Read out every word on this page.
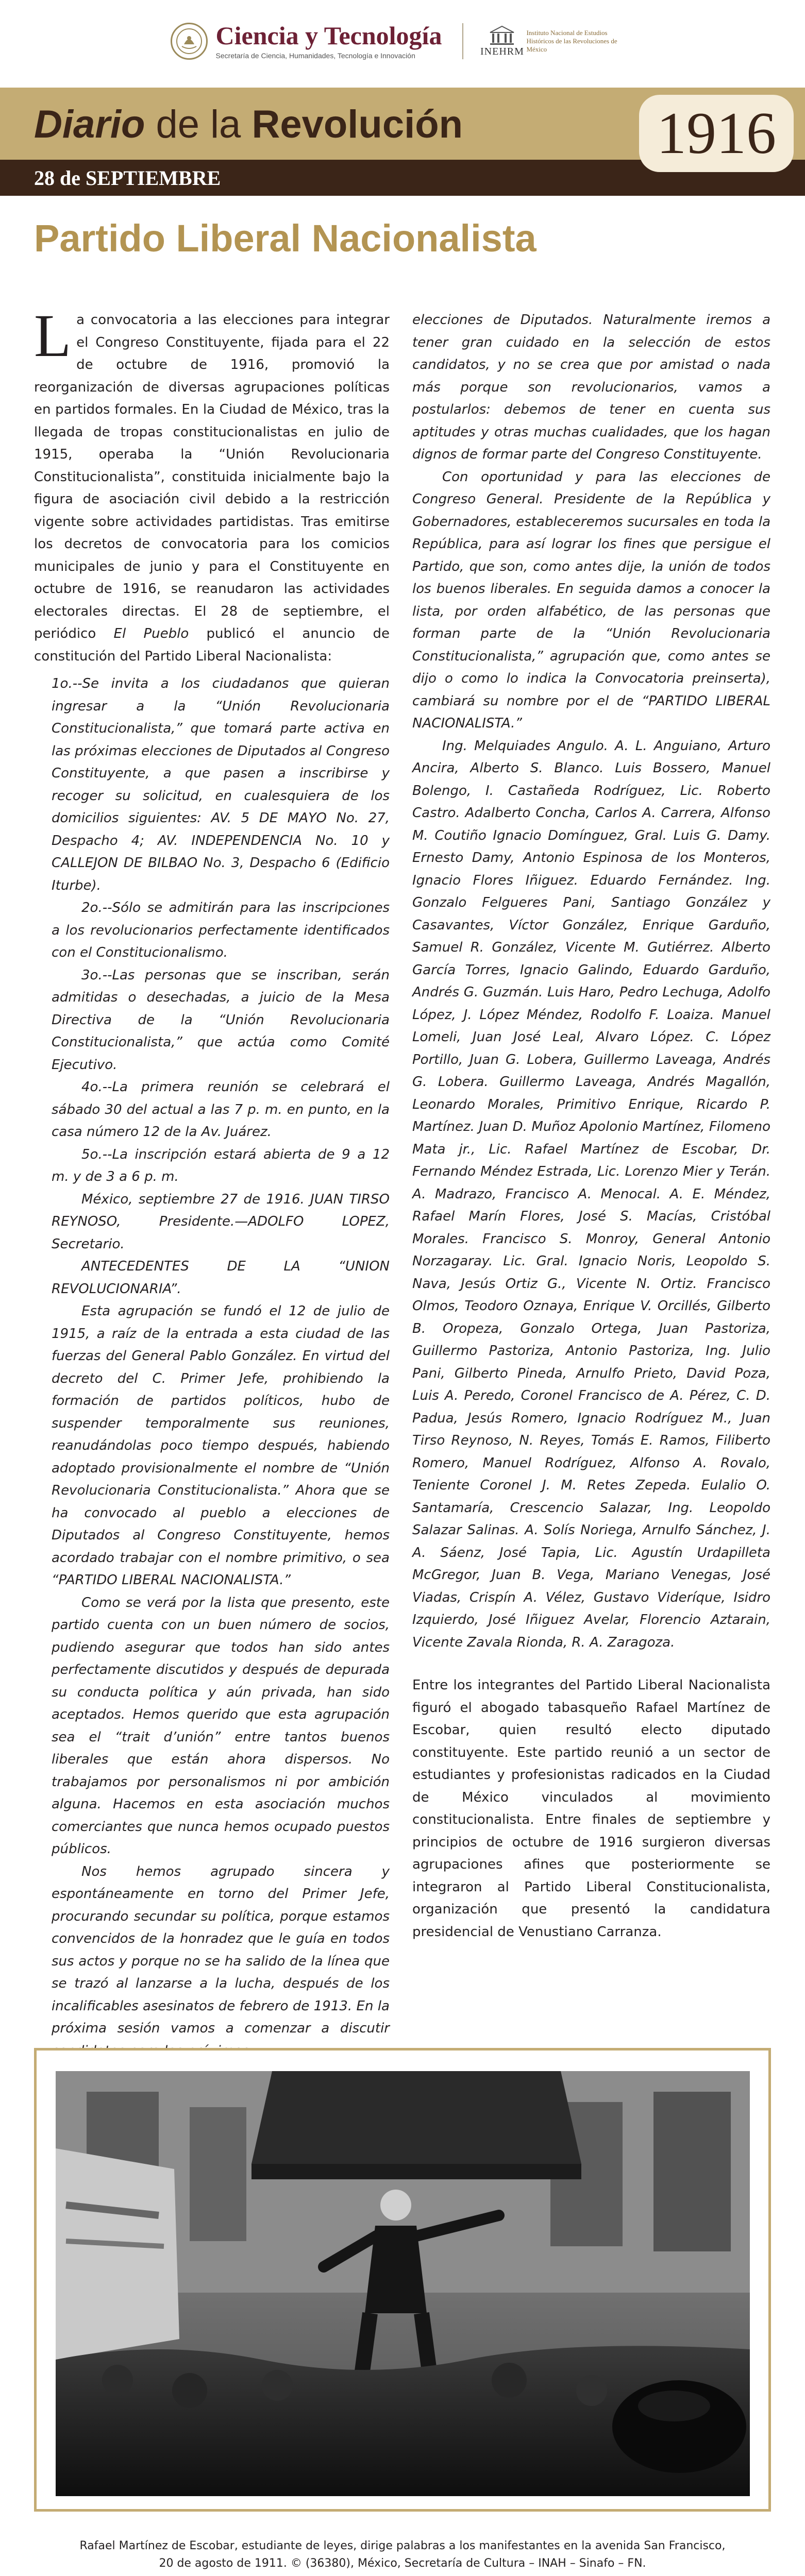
Ciencia y Tecnología
Secretaría de Ciencia, Humanidades, Tecnología e Innovación	INEHRM
Instituto Nacional de Estudios Históricos de las Revoluciones de México
Diario de la Revolución
28 de SEPTIEMBRE
1916
Partido Liberal Nacionalista

La convocatoria a las elecciones para integrar el Congreso Constituyente, fijada para el 22 de octubre de 1916, promovió la reorganización de diversas agrupaciones políticas en partidos formales. En la Ciudad de México, tras la llegada de tropas constitucionalistas en julio de 1915, operaba la “Unión Revolucionaria Constitucionalista”, constituida inicialmente bajo la figura de asociación civil debido a la restricción vigente sobre actividades partidistas. Tras emitirse los decretos de convocatoria para los comicios municipales de junio y para el Constituyente en octubre de 1916, se reanudaron las actividades electorales directas. El 28 de septiembre, el periódico El Pueblo publicó el anuncio de constitución del Partido Liberal Nacionalista:

1o.--Se invita a los ciudadanos que quieran ingresar a la “Unión Revolucionaria Constitucionalista,” que tomará parte activa en las próximas elecciones de Diputados al Congreso Constituyente, a que pasen a inscribirse y recoger su solicitud, en cualesquiera de los domicilios siguientes: AV. 5 DE MAYO No. 27, Despacho 4; AV. INDEPENDENCIA No. 10 y CALLEJON DE BILBAO No. 3, Despacho 6 (Edificio Iturbe).

2o.--Sólo se admitirán para las inscripciones a los revolucionarios perfectamente identificados con el Constitucionalismo.

3o.--Las personas que se inscriban, serán admitidas o desechadas, a juicio de la Mesa Directiva de la “Unión Revolucionaria Constitucionalista,” que actúa como Comité Ejecutivo.

4o.--La primera reunión se celebrará el sábado 30 del actual a las 7 p. m. en punto, en la casa número 12 de la Av. Juárez.

5o.--La inscripción estará abierta de 9 a 12 m. y de 3 a 6 p. m.

México, septiembre 27 de 1916. JUAN TIRSO REYNOSO, Presidente.—ADOLFO LOPEZ, Secretario.

ANTECEDENTES DE LA “UNION REVOLUCIONARIA”.

Esta agrupación se fundó el 12 de julio de 1915, a raíz de la entrada a esta ciudad de las fuerzas del General Pablo González. En virtud del decreto del C. Primer Jefe, prohibiendo la formación de partidos políticos, hubo de suspender temporalmente sus reuniones, reanudándolas poco tiempo después, habiendo adoptado provisionalmente el nombre de “Unión Revolucionaria Constitucionalista.” Ahora que se ha convocado al pueblo a elecciones de Diputados al Congreso Constituyente, hemos acordado trabajar con el nombre primitivo, o sea “PARTIDO LIBERAL NACIONALISTA.”

Como se verá por la lista que presento, este partido cuenta con un buen número de socios, pudiendo asegurar que todos han sido antes perfectamente discutidos y después de depurada su conducta política y aún privada, han sido aceptados. Hemos querido que esta agrupación sea el “trait d’unión” entre tantos buenos liberales que están ahora dispersos. No trabajamos por personalismos ni por ambición alguna. Hacemos en esta asociación muchos comerciantes que nunca hemos ocupado puestos públicos.

Nos hemos agrupado sincera y espontáneamente en torno del Primer Jefe, procurando secundar su política, porque estamos convencidos de la honradez que le guía en todos sus actos y porque no se ha salido de la línea que se trazó al lanzarse a la lucha, después de los incalificables asesinatos de febrero de 1913. En la próxima sesión vamos a comenzar a discutir

elecciones de Diputados. Naturalmente iremos a tener gran cuidado en la selección de estos candidatos, y no se crea que por amistad o nada más porque son revolucionarios, vamos a postularlos: debemos de tener en cuenta sus aptitudes y otras muchas cualidades, que los hagan dignos de formar parte del Congreso Constituyente.

Con oportunidad y para las elecciones de Congreso General. Presidente de la República y Gobernadores, estableceremos sucursales en toda la República, para así lograr los fines que persigue el Partido, que son, como antes dije, la unión de todos los buenos liberales. En seguida damos a conocer la lista, por orden alfabético, de las personas que forman parte de la “Unión Revolucionaria Constitucionalista,” agrupación que, como antes se dijo o como lo indica la Convocatoria preinserta), cambiará su nombre por el de “PARTIDO LIBERAL NACIONALISTA.”

Ing. Melquiades Angulo. A. L. Anguiano, Arturo Ancira, Alberto S. Blanco. Luis Bossero, Manuel Bolengo, I. Castañeda Rodríguez, Lic. Roberto Castro. Adalberto Concha, Carlos A. Carrera, Alfonso M. Coutiño Ignacio Domínguez, Gral. Luis G. Damy. Ernesto Damy, Antonio Espinosa de los Monteros, Ignacio Flores Iñiguez. Eduardo Fernández. Ing. Gonzalo Felgueres Pani, Santiago González y Casavantes, Víctor González, Enrique Garduño, Samuel R. González, Vicente M. Gutiérrez. Alberto García Torres, Ignacio Galindo, Eduardo Garduño, Andrés G. Guzmán. Luis Haro, Pedro Lechuga, Adolfo López, J. López Méndez, Rodolfo F. Loaiza. Manuel Lomeli, Juan José Leal, Alvaro López. C. López Portillo, Juan G. Lobera, Guillermo Laveaga, Andrés G. Lobera. Guillermo Laveaga, Andrés Magallón, Leonardo Morales, Primitivo Enrique, Ricardo P. Martínez. Juan D. Muñoz Apolonio Martínez, Filomeno Mata jr., Lic. Rafael Martínez de Escobar, Dr. Fernando Méndez Estrada, Lic. Lorenzo Mier y Terán. A. Madrazo, Francisco A. Menocal. A. E. Méndez, Rafael Marín Flores, José S. Macías, Cristóbal Morales. Francisco S. Monroy, General Antonio Norzagaray. Lic. Gral. Ignacio Noris, Leopoldo S. Nava, Jesús Ortiz G., Vicente N. Ortiz. Francisco Olmos, Teodoro Oznaya, Enrique V. Orcillés, Gilberto B. Oropeza, Gonzalo Ortega, Juan Pastoriza, Guillermo Pastoriza, Antonio Pastoriza, Ing. Julio Pani, Gilberto Pineda, Arnulfo Prieto, David Poza, Luis A. Peredo, Coronel Francisco de A. Pérez, C. D. Padua, Jesús Romero, Ignacio Rodríguez M., Juan Tirso Reynoso, N. Reyes, Tomás E. Ramos, Filiberto Romero, Manuel Rodríguez, Alfonso A. Rovalo, Teniente Coronel J. M. Retes Zepeda. Eulalio O. Santamaría, Crescencio Salazar, Ing. Leopoldo Salazar Salinas. A. Solís Noriega, Arnulfo Sánchez, J. A. Sáenz, José Tapia, Lic. Agustín Urdapilleta McGregor, Juan B. Vega, Mariano Venegas, José Viadas, Crispín A. Vélez, Gustavo Videríque, Isidro Izquierdo, José Iñiguez Avelar, Florencio Aztarain, Vicente Zavala Rionda, R. A. Zaragoza.

Entre los integrantes del Partido Liberal Nacionalista figuró el abogado tabasqueño Rafael Martínez de Escobar, quien resultó electo diputado constituyente. Este partido reunió a un sector de estudiantes y profesionistas radicados en la Ciudad de México vinculados al movimiento constitucionalista. Entre finales de septiembre y principios de octubre de 1916 surgieron diversas agrupaciones afines que posteriormente se integraron al Partido Liberal Constitucionalista, organización que presentó la candidatura presidencial de Venustiano Carranza.

Rafael Martínez de Escobar, estudiante de leyes, dirige palabras a los manifestantes en la avenida San Francisco,
20 de agosto de 1911. © (36380), México, Secretaría de Cultura – INAH – Sinafo – FN.
